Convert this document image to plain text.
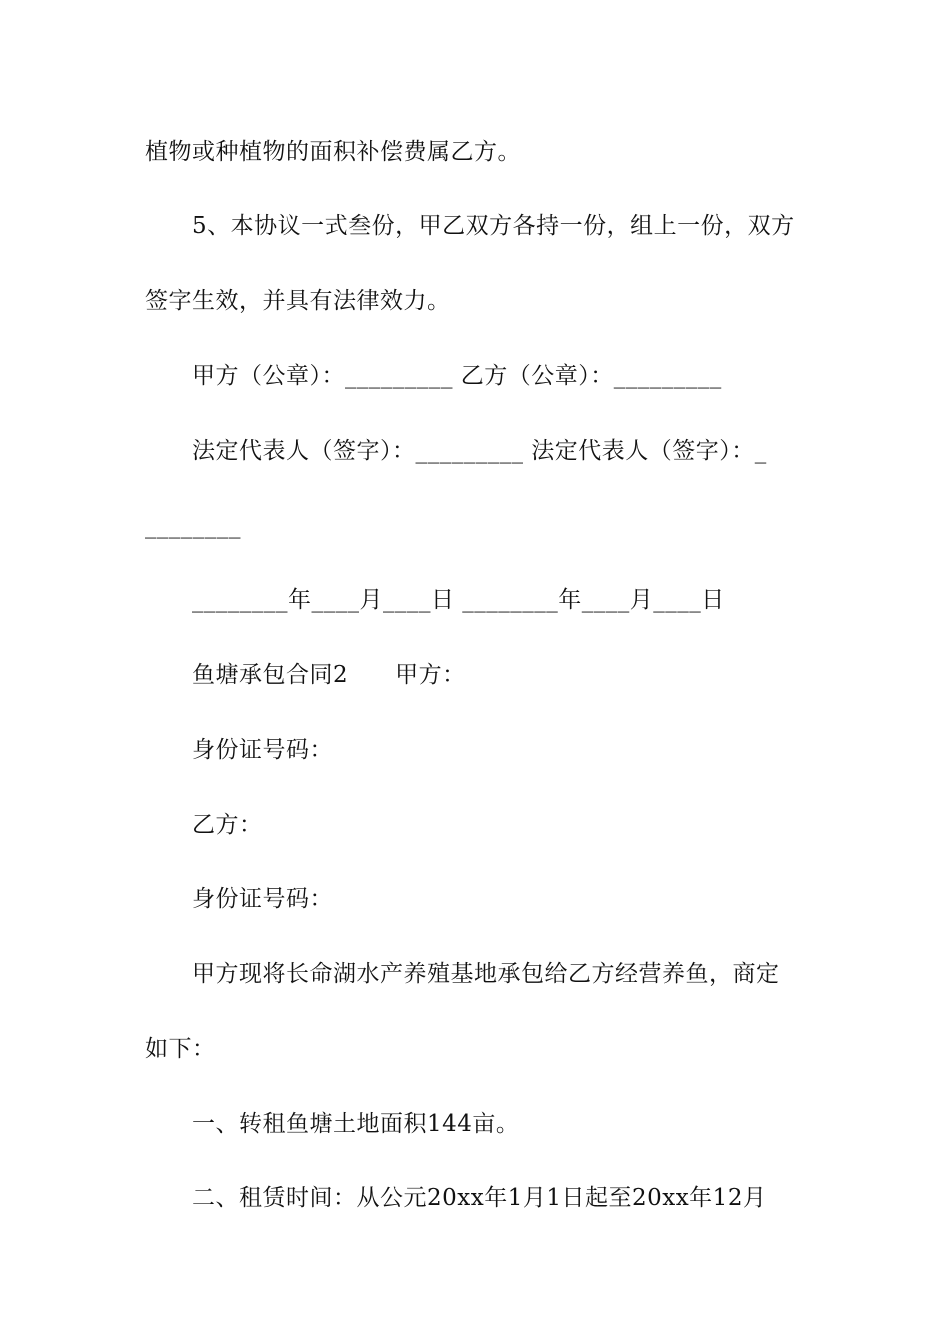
植物或种植物的面积补偿费属乙方。
5、本协议一式叁份，甲乙双方各持一份，组上一份，双方
签字生效，并具有法律效力。
甲方（公章）：_________ 乙方（公章）：_________
法定代表人（签字）：_________ 法定代表人（签字）：_
________
________年____月____日 ________年____月____日
鱼塘承包合同2　　甲方：
身份证号码：
乙方：
身份证号码：
甲方现将长命湖水产养殖基地承包给乙方经营养鱼，商定
如下：
一、转租鱼塘土地面积144亩。
二、租赁时间：从公元20xx年1月1日起至20xx年12月
